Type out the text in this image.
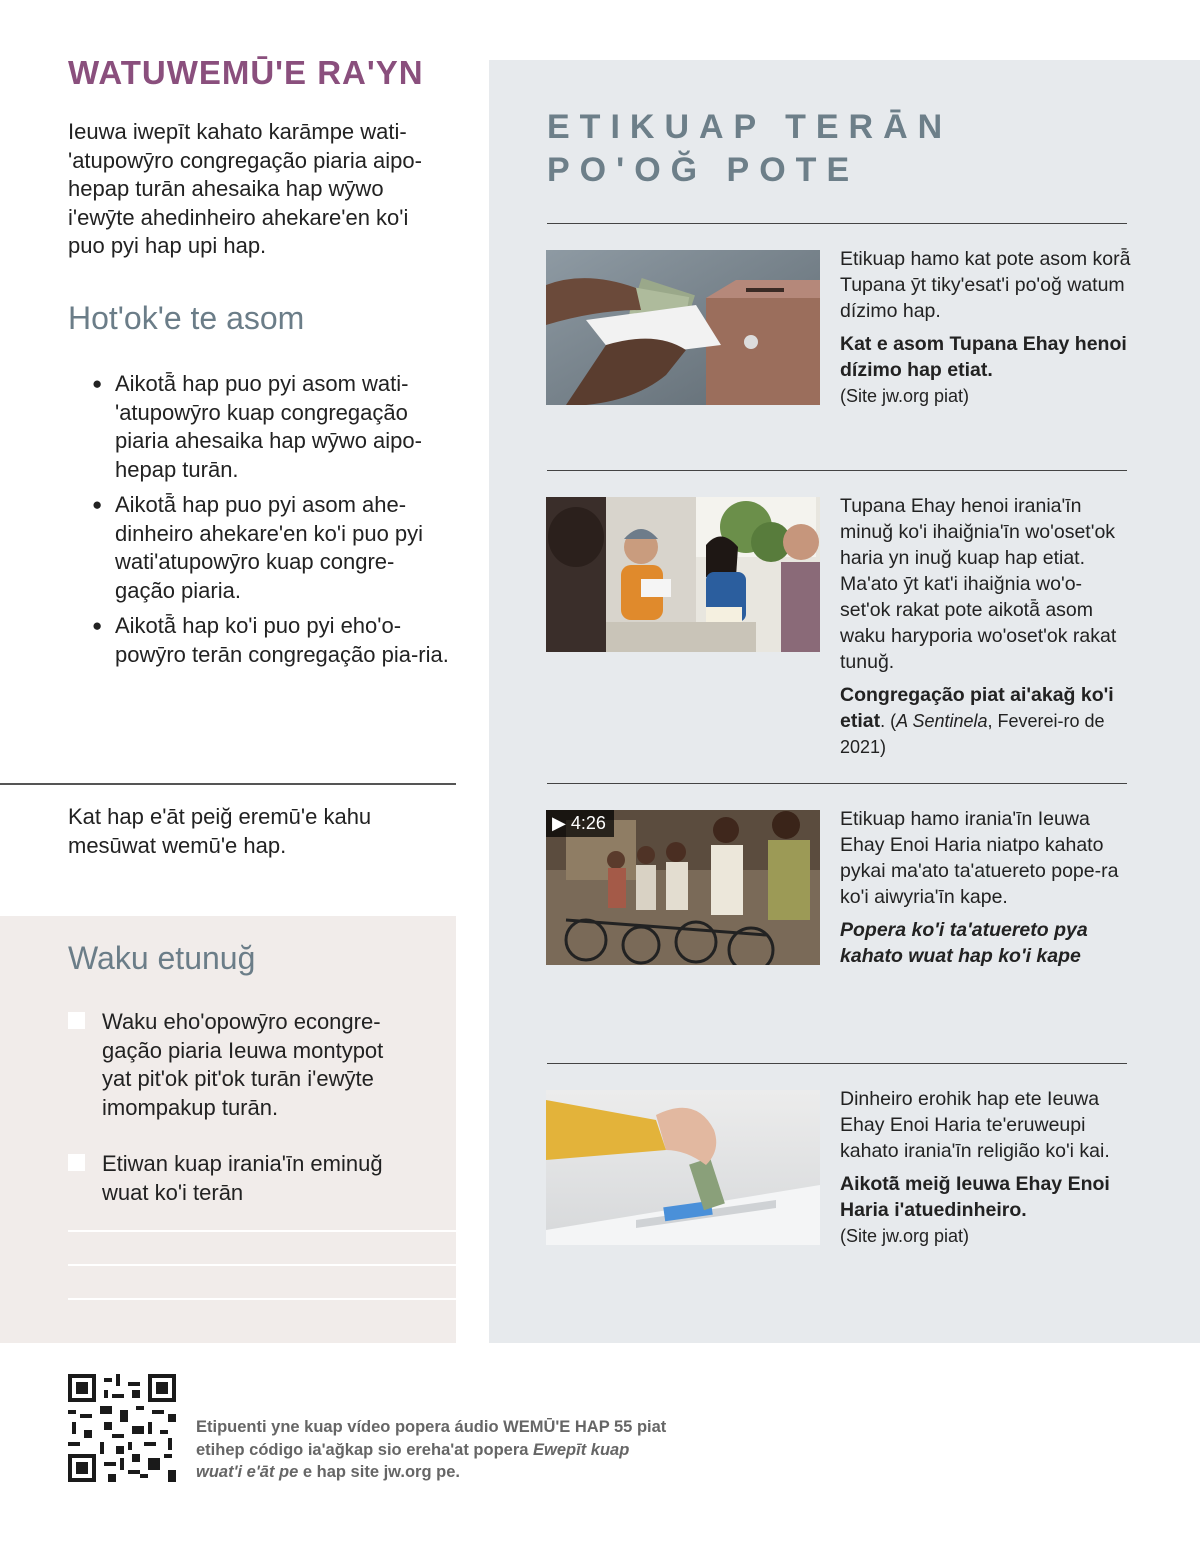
WATUWEMŪ'E RA'YN

Ieuwa iwepīt kahato karāmpe wati-'atupowȳro congregação piaria aipo-hepap turān ahesaika hap wȳwo i'ewȳte ahedinheiro ahekare'en ko'i puo pyi hap upi hap.

Hot'ok'e te asom
● Aikotã̄ hap puo pyi asom wati-'atupowȳro kuap congregação piaria ahesaika hap wȳwo aipo-hepap turān.
● Aikotã̄ hap puo pyi asom ahe-dinheiro ahekare'en ko'i puo pyi wati'atupowȳro kuap congre-gação piaria.
● Aikotã̄ hap ko'i puo pyi eho'o-powȳro terān congregação pia-ria.

Kat hap e'āt peiğ eremū'e kahu mesūwat wemū'e hap.

Waku etunuğ
Waku eho'opowȳro econgre-gação piaria Ieuwa montypot yat pit'ok pit'ok turān i'ewȳte imompakup turān.
Etiwan kuap irania'īn eminuğ wuat ko'i terān
ETIKUAP TERĀN
PO'OĞ POTE

Etikuap hamo kat pote asom korã̄ Tupana ȳt tiky'esat'i po'oğ watum dízimo hap.

Kat e asom Tupana Ehay henoi dízimo hap etiat.

(Site jw.org piat)

Tupana Ehay henoi irania'īn minuğ ko'i ihaiğnia'īn wo'oset'ok haria yn inuğ kuap hap etiat. Ma'ato ȳt kat'i ihaiğnia wo'o-set'ok rakat pote aikotã̄ asom waku haryporia wo'oset'ok rakat tunuğ.

Congregação piat ai'akağ ko'i etiat. (A Sentinela, Feverei-ro de 2021)

▶ 4:26	Etikuap hamo irania'īn Ieuwa Ehay Enoi Haria niatpo kahato pykai ma'ato ta'atuereto pope-ra ko'i aiwyria'īn kape.

Popera ko'i ta'atuereto pya kahato wuat hap ko'i kape

Dinheiro erohik hap ete Ieuwa Ehay Enoi Haria te'eruweupi kahato irania'īn religião ko'i kai.

Aikotã̄ meiğ Ieuwa Ehay Enoi Haria i'atuedinheiro.

(Site jw.org piat)

Etipuenti yne kuap vídeo popera áudio WEMŪ'E HAP 55 piat etihep código ia'ağkap sio ereha'at popera Ewepīt kuap wuat'i e'āt pe e hap site jw.org pe.
